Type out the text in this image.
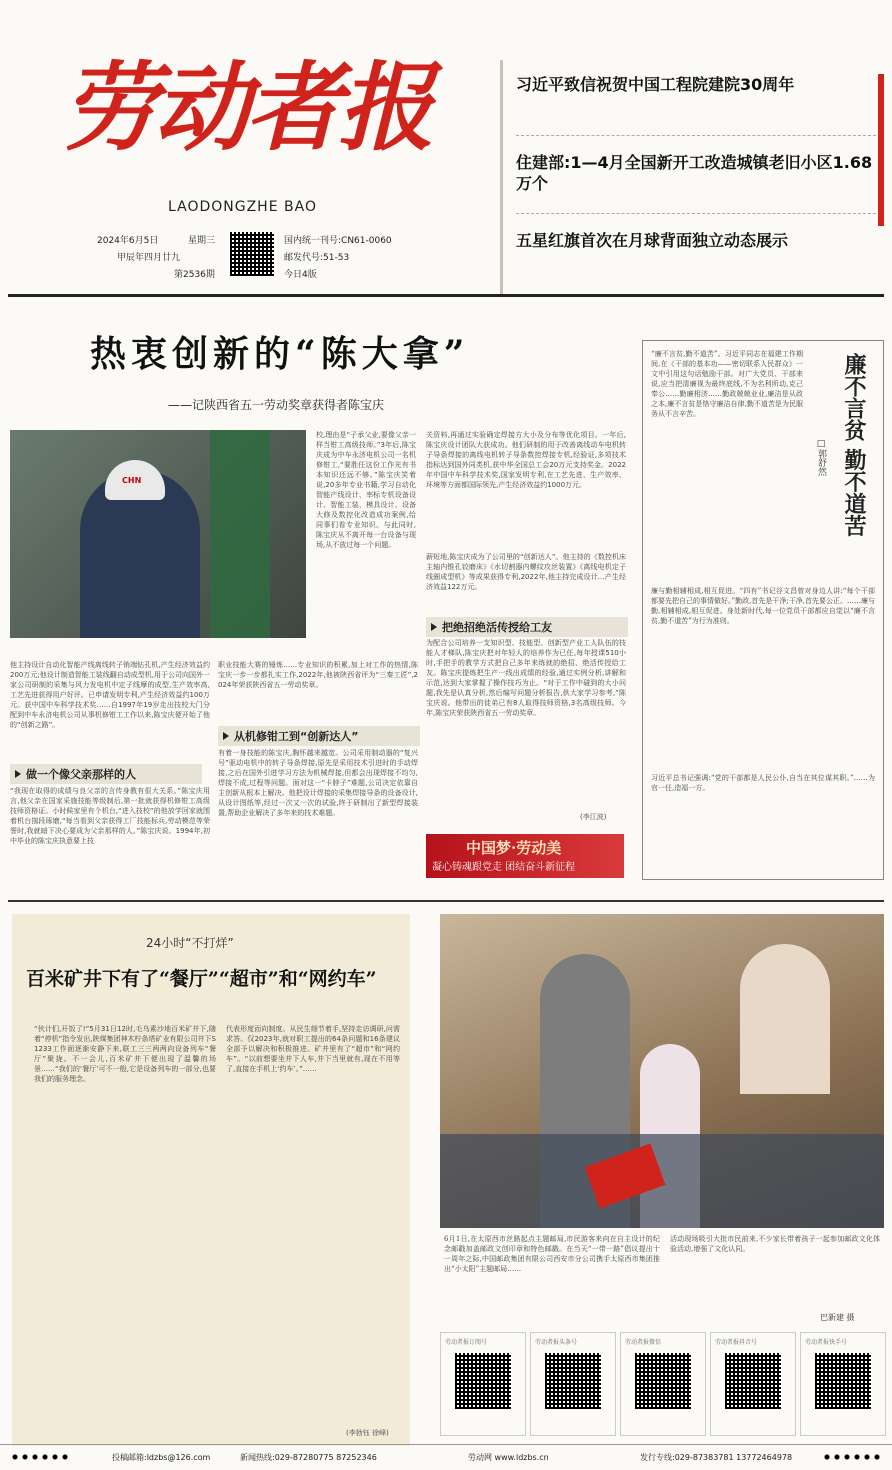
劳动者报
LAODONGZHE BAO
2024年6月5日	星期三
甲辰年四月廿九
第2536期
国内统一刊号:CN61-0060
邮发代号:51-53
今日4版
习近平致信祝贺中国工程院建院30周年
住建部:1—4月全国新开工改造城镇老旧小区1.68万个
五星红旗首次在月球背面独立动态展示
热衷创新的“陈大拿”
——记陕西省五一劳动奖章获得者陈宝庆
CHN
校,理由是“子承父业,要像父亲一样当钳工高级技师。”3年后,陈宝庆成为中车永济电机公司一名机修钳工,“要胜任这份工作光有书本知识还远不够。”陈宝庆笑着说,20多年专业书籍,学习自动化智能产线设计、率标专机设备设计、智能工装、模具设计、设备大修及数控化改造成功案例,给同事们看专业知识。与此同时,陈宝庆从不离开每一台设备与现场,从不放过每一个问题。
关资料,再通过实验确定焊接方大小及分布等优化项目。一年后,陈宝庆设计团队大获成功。他们研制的用于改善离线动车电机转子导条焊接的离线电机转子导条数控焊接专机,经验证,多项技术指标达到国外同类机,获中华全国总工会20万元支持奖金。2022年中国中车科学技术奖,国家发明专利,在工艺先进、生产效率、环境等方面都国际领先,产生经济效益约1000万元。
薪短地,陈宝庆成为了公司里的“创新达人”。他主持的《数控机床主轴内锥孔铰磨床》《水切割器内螺纹攻丝装置》《离线电机定子线圈成型机》等成果获得专利,2022年,他主持完成设计…产生经济效益122万元。
把绝招绝活传授给工友
为配合公司培养一支知识型、技能型、创新型产业工人队伍的技能人才梯队,陈宝庆把对年轻人的培养作为已任,每年授课510小时,手把手的教学方式把自己多年来练就的绝招、绝活传授给工友。陈宝庆提炼把生产一线出成绩的经验,通过实例分析,讲解和示范,达到大家掌握了操作技巧为止。“对于工作中碰到的大小问题,我先是认真分析,然后编写问题分析报告,供大家学习参考,”陈宝庆说。他带出的徒弟已有8人取得技师资格,3名高级技师。今年,陈宝庆荣获陕西省五一劳动奖章。
(李江波)
他主持设计自动化智能产线离线转子销端钻孔机,产生经济效益约200万元;他设计制造智能工装线翻自动成型机,用于公司向国外一家公司研制的采集与风力发电机中定子线摩的成型,生产效率高,工艺先进获得用户好评。已申请发明专利,产生经济效益约100万元。获中国中车科学技术奖……自1997年19岁走出技校大门分配到中车永济电机公司从事机修钳工工作以来,陈宝庆便开始了他的“创新之路”。
做一个像父亲那样的人
“我现在取得的成绩与良父亲的言传身教有很大关系。”陈宝庆用言,他父亲在国家采施技能等级制后,第一批就获得机修钳工高级技师资格证。小时候家里有个机台,“进入技校”的他放学回家就围着机台揣段琢磨,“每当看到父亲获得工厂技能标兵,劳动模范等荣誉时,我就暗下决心要成为父亲那样的人。”陈宝庆说。1994年,初中毕业的陈宝庆执意要上技
职业技能大赛的锤炼……专业知识的积累,加上对工作的热情,陈宝庆一步一步都扎实工作,2022年,他被陕西省评为“三秦工匠”,2024年荣获陕西省五一劳动奖章。
从机修钳工到“创新达人”
有着一身技能的陈宝庆,胸怀越来越宽。公司采用制动器的“复兴号”驱动电机中的转子导条焊接,原先是采用技术引进时的手动焊接,之后在国外引进学习方法为机械焊接,但都会出现焊接不均匀,焊接不成,过程等问题。面对这一“卡脖子”难题,公司决定依靠自主创新从根本上解决。他把设计焊接的采集焊接导条的设备设计,从设计图纸等,经过一次又一次的试验,终于研制出了新型焊接装置,帮助企业解决了多年来的技术难题。
中国梦·劳动美
凝心铸魂跟党走 团结奋斗新征程
廉不言贫 勤不道苦
□郭舒然
“廉不言贫,勤不道苦”。习近平同志在福建工作期间,在《干部的基本功——密切联系人民群众》一文中引用这句话勉励干部。对广大党员、干部来说,应当把清廉视为最终底线,不为名利所动,克己奉公……勤廉相济……勤政兢兢业业,廉洁是从政之本,廉不言贫是恪守廉洁自律,勤不道苦是为民服务从不言辛苦。
廉与勤相辅相成,相互促进。“四有”书记谷文昌曾对身边人讲:“每个干部都要先把自己的事情做好。”勤政,首先是干净;干净,首先要公正。……廉与勤,相辅相成,相互促进。身处新时代,每一位党员干部都应自觉以“廉不言贫,勤不道苦”为行为准则。
习近平总书记强调:“党的干部都是人民公仆,自当在其位谋其职。”……为官一任,造福一方。
24小时“不打烊”
百米矿井下有了“餐厅”“超市”和“网约车”
“伙计们,开饭了!”5月31日12时,毛乌素沙地百米矿井下,随着“停机”指令发出,陕煤集团神木柠条塔矿业有限公司井下S1233工作面逐渐安静下来,联工三三两两向设备列车“餐厅”聚拢。不一会儿,百米矿井下便出现了温馨的场景……“我们的‘餐厅’可不一般,它是设备列车的一部分,也要我们的服务理念。
代表形度而向制度。从民生细节着手,坚持走访调研,问需求答。仅2023年,就对职工提出的64条问题和16条建议全部予以解决和积极推进。矿井里有了“超市”和“网约车”。“以前想要坐井下人车,井下当里就有,现在不用等了,直接在手机上‘约车’。”……
(李勃钰 徐峰)
6月1日,在太原西市丝路起点主题邮局,市民游客来向在自主设计的纪念邮戳加盖邮政文创印章和特色邮戳。在当天“一带一路”倡议提出十一周年之际,中国邮政集团有限公司西安市分公司携手太原西市集团推出“小太阳”主题邮局……
活动现场吸引大批市民前来,不少家长带着孩子一起参加邮政文化体验活动,增强了文化认同。
巴新建 摄
劳动者报订阅号	劳动者报头条号	劳动者报微信	劳动者报抖音号	劳动者报快手号
投稿邮箱:ldzbs@126.com	新闻热线:029-87280775 87252346	劳动网 www.ldzbs.cn	发行专线:029-87383781 13772464978
